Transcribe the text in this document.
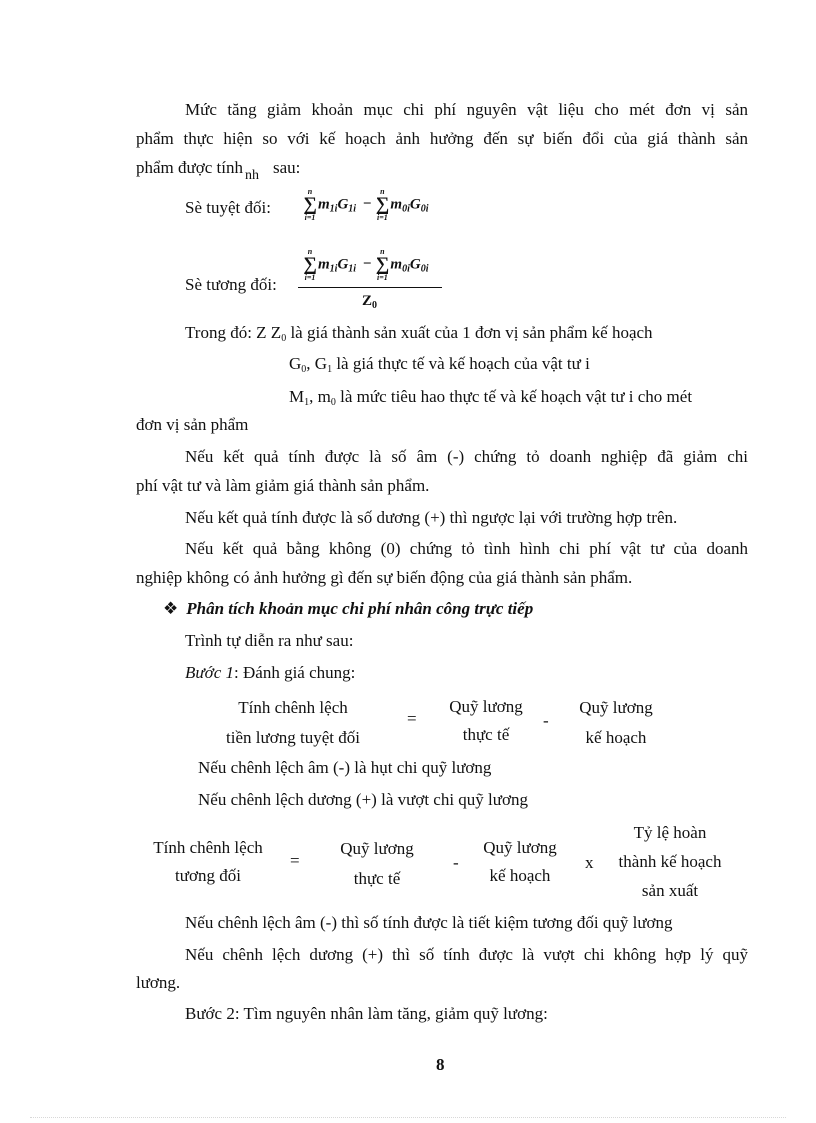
Mức tăng giảm khoản mục chi phí nguyên vật liệu cho mét đơn vị sản
phẩm thực hiện so với kế hoạch ảnh hưởng đến sự biến đổi của giá thành sản
phẩm được tính $_{nh}$ sau:
Sè tuyệt đối:
n
∑
i=1
$m_{1i}G_{1i}$ −
n
∑
i=1
$m_{0i}G_{0i}$
Sè tương đối:
n
∑
i=1
$m_{1i}G_{1i}$ −
n
∑
i=1
$m_{0i}G_{0i}$
$Z_0$
Trong đó: Z $Z_0$ là giá thành sản xuất của 1 đơn vị sản phẩm kế hoạch
$G_0$, $G_1$ là giá thực tế và kế hoạch của vật tư i
$M_1$, $m_0$ là mức tiêu hao thực tế và kế hoạch vật tư i cho mét
đơn vị sản phẩm
Nếu kết quả tính được là số âm (-) chứng tỏ doanh nghiệp đã giảm chi
phí vật tư và làm giảm giá thành sản phẩm.
Nếu kết quả tính được là số dương (+) thì ngược lại với trường hợp trên.
Nếu kết quả bằng không (0) chứng tỏ tình hình chi phí vật tư của doanh
nghiệp không có ảnh hưởng gì đến sự biến động của giá thành sản phẩm.
❖ Phân tích khoản mục chi phí nhân công trực tiếp
Trình tự diễn ra như sau:
Bước 1: Đánh giá chung:
Tính chênh lệch
tiền lương tuyệt đối
=
Quỹ lương
thực tế
-
Quỹ lương
kế hoạch
Nếu chênh lệch âm (-) là hụt chi quỹ lương
Nếu chênh lệch dương (+) là vượt chi quỹ lương
Tính chênh lệch
tương đối
=
Quỹ lương
thực tế
-
Quỹ lương
kế hoạch
x
Tỷ lệ hoàn
thành kế hoạch
sản xuất
Nếu chênh lệch âm (-) thì số tính được là tiết kiệm tương đối quỹ lương
Nếu chênh lệch dương (+) thì số tính được là vượt chi không hợp lý quỹ
lương.
Bước 2: Tìm nguyên nhân làm tăng, giảm quỹ lương:
8
